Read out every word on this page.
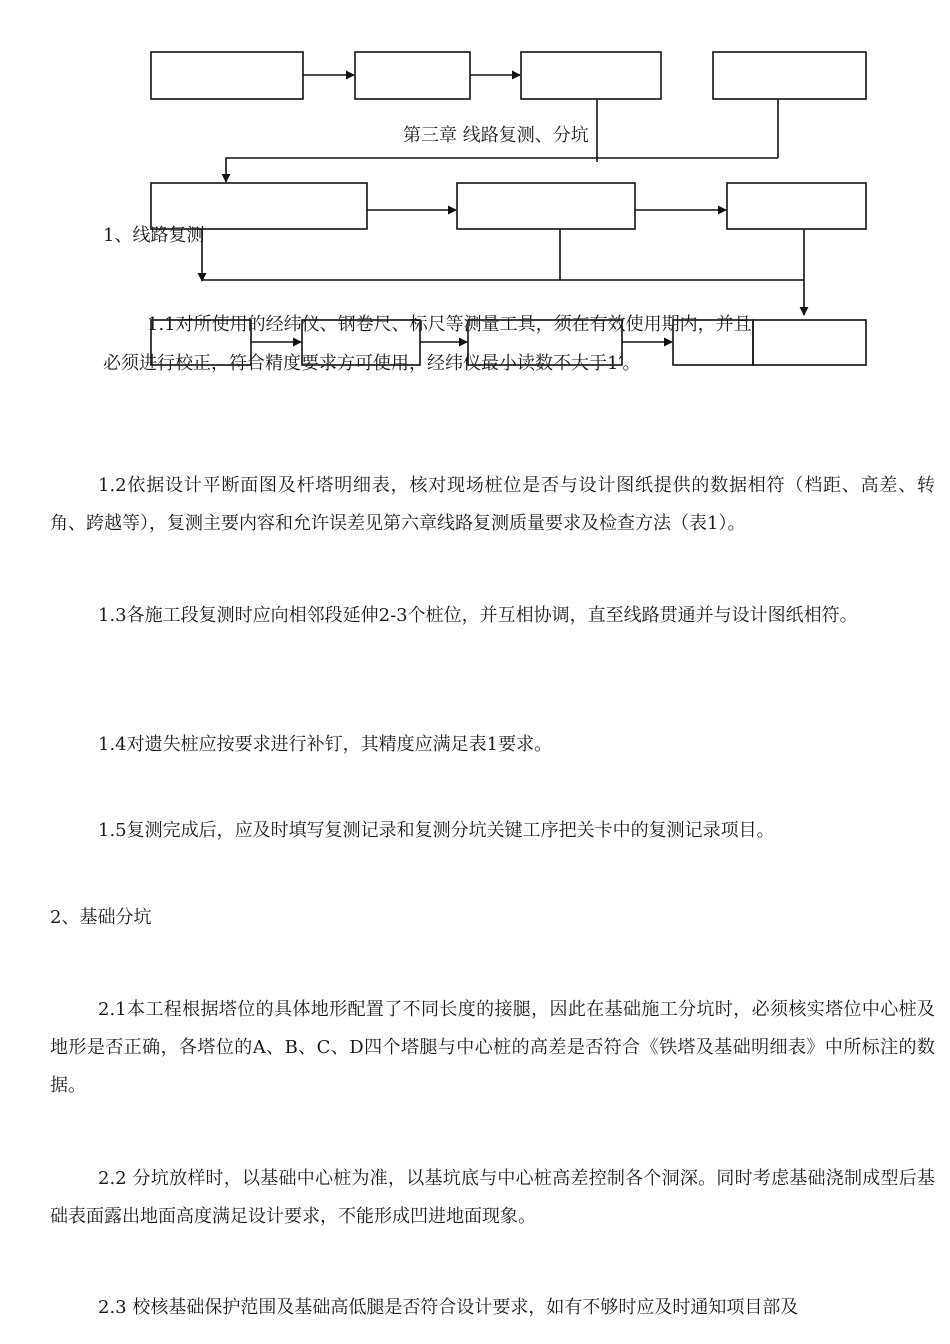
第三章 线路复测、分坑

1、线路复测

1.1对所使用的经纬仪、钢卷尺、标尺等测量工具，须在有效使用期内，并且

必须进行校正，符合精度要求方可使用，经纬仪最小读数不大于1′。

1.2依据设计平断面图及杆塔明细表，核对现场桩位是否与设计图纸提供的数据相符（档距、高差、转角、跨越等），复测主要内容和允许误差见第六章线路复测质量要求及检查方法（表1）。

1.3各施工段复测时应向相邻段延伸2-3个桩位，并互相协调，直至线路贯通并与设计图纸相符。

1.4对遗失桩应按要求进行补钉，其精度应满足表1要求。

1.5复测完成后，应及时填写复测记录和复测分坑关键工序把关卡中的复测记录项目。

2、基础分坑

2.1本工程根据塔位的具体地形配置了不同长度的接腿，因此在基础施工分坑时，必须核实塔位中心桩及地形是否正确，各塔位的A、B、C、D四个塔腿与中心桩的高差是否符合《铁塔及基础明细表》中所标注的数据。

2.2 分坑放样时，以基础中心桩为准，以基坑底与中心桩高差控制各个洞深。同时考虑基础浇制成型后基础表面露出地面高度满足设计要求，不能形成凹进地面现象。

2.3 校核基础保护范围及基础高低腿是否符合设计要求，如有不够时应及时通知项目部及
